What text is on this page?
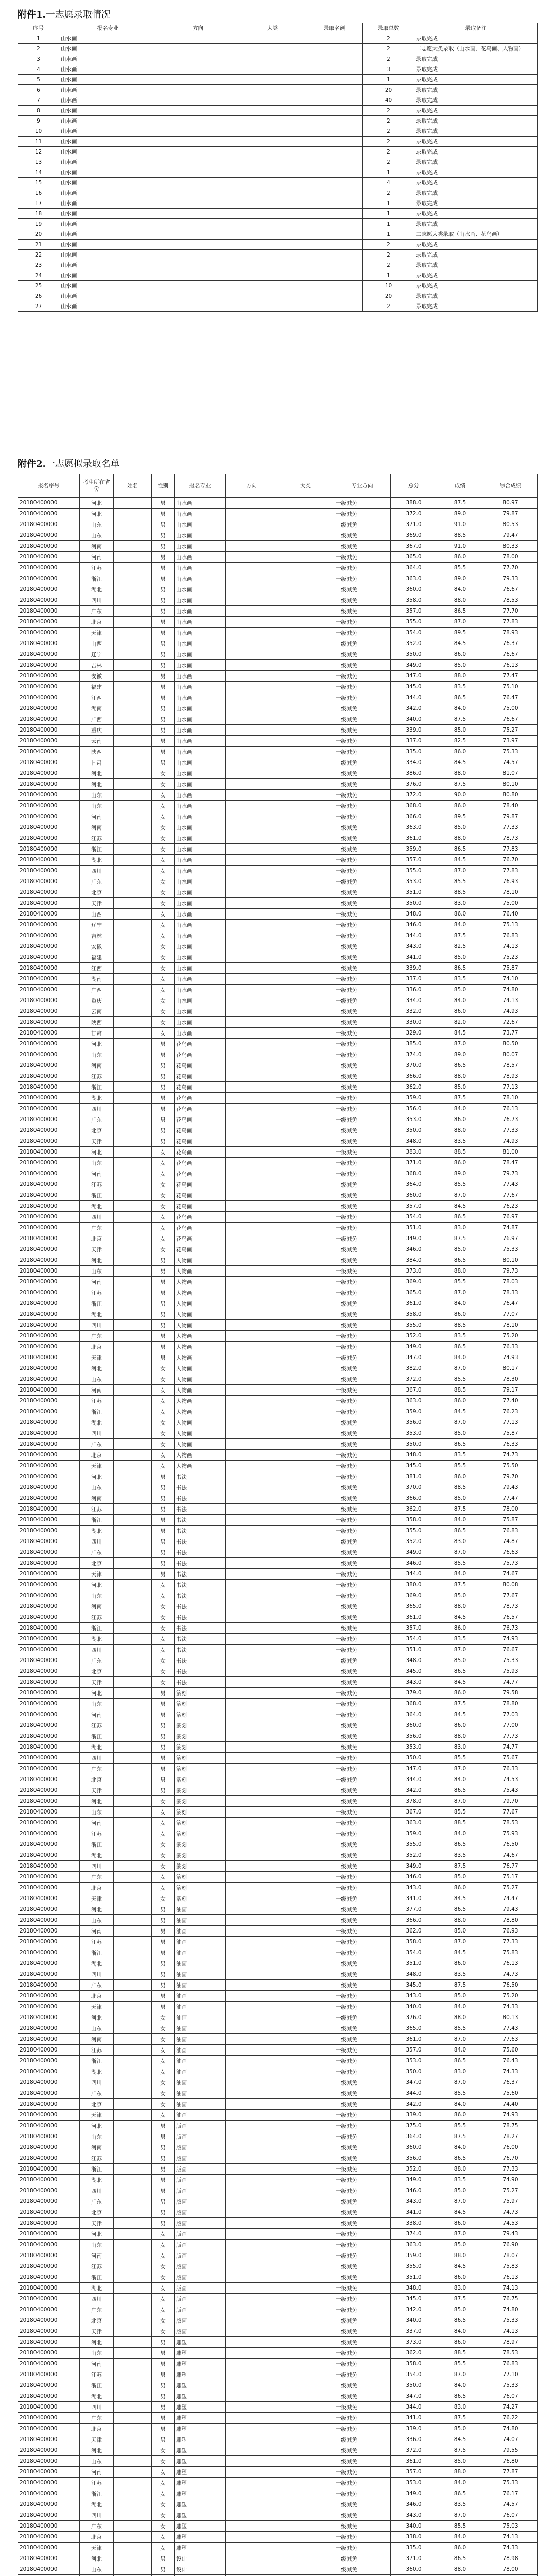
附件1.一志愿录取情况
序号	报名专业	方向	大类	录取名额	录取总数	录取备注
1	山水画				2	录取完成
2	山水画				2	二志愿大类录取（山水画、花鸟画、人物画）
3	山水画				2	录取完成
4	山水画				3	录取完成
5	山水画				1	录取完成
6	山水画				20	录取完成
7	山水画				40	录取完成
8	山水画				2	录取完成
9	山水画				2	录取完成
10	山水画				2	录取完成
11	山水画				2	录取完成
12	山水画				2	录取完成
13	山水画				2	录取完成
14	山水画				1	录取完成
15	山水画				4	录取完成
16	山水画				2	录取完成
17	山水画				1	录取完成
18	山水画				1	录取完成
19	山水画				1	录取完成
20	山水画				1	二志愿大类录取（山水画、花鸟画）
21	山水画				2	录取完成
22	山水画				2	录取完成
23	山水画				2	录取完成
24	山水画				1	录取完成
25	山水画				10	录取完成
26	山水画				20	录取完成
27	山水画				2	录取完成
附件2.一志愿拟录取名单
报名序号	考生所在省份	姓名	性别	报名专业	方向	大类	专业方向	总分	成绩	综合成绩
20180400000	河北		男	山水画			一级减免	388.0	87.5	80.97
20180400000	河北		男	山水画			一级减免	372.0	89.0	79.87
20180400000	山东		男	山水画			一级减免	371.0	91.0	80.53
20180400000	山东		男	山水画			一级减免	369.0	88.5	79.47
20180400000	河南		男	山水画			一级减免	367.0	91.0	80.33
20180400000	河南		男	山水画			一级减免	365.0	86.0	78.00
20180400000	江苏		男	山水画			一级减免	364.0	85.5	77.70
20180400000	浙江		男	山水画			一级减免	363.0	89.0	79.33
20180400000	湖北		男	山水画			一级减免	360.0	84.0	76.67
20180400000	四川		男	山水画			一级减免	358.0	88.0	78.53
20180400000	广东		男	山水画			一级减免	357.0	86.5	77.70
20180400000	北京		男	山水画			一级减免	355.0	87.0	77.83
20180400000	天津		男	山水画			一级减免	354.0	89.5	78.93
20180400000	山西		男	山水画			一级减免	352.0	84.5	76.37
20180400000	辽宁		男	山水画			一级减免	350.0	86.0	76.67
20180400000	吉林		男	山水画			一级减免	349.0	85.0	76.13
20180400000	安徽		男	山水画			一级减免	347.0	88.0	77.47
20180400000	福建		男	山水画			一级减免	345.0	83.5	75.10
20180400000	江西		男	山水画			一级减免	344.0	86.5	76.47
20180400000	湖南		男	山水画			一级减免	342.0	84.0	75.00
20180400000	广西		男	山水画			一级减免	340.0	87.5	76.67
20180400000	重庆		男	山水画			一级减免	339.0	85.0	75.27
20180400000	云南		男	山水画			一级减免	337.0	82.5	73.97
20180400000	陕西		男	山水画			一级减免	335.0	86.0	75.33
20180400000	甘肃		男	山水画			一级减免	334.0	84.5	74.57
20180400000	河北		女	山水画			一级减免	386.0	88.0	81.07
20180400000	河北		女	山水画			一级减免	376.0	87.5	80.10
20180400000	山东		女	山水画			一级减免	372.0	90.0	80.80
20180400000	山东		女	山水画			一级减免	368.0	86.0	78.40
20180400000	河南		女	山水画			一级减免	366.0	89.5	79.87
20180400000	河南		女	山水画			一级减免	363.0	85.0	77.33
20180400000	江苏		女	山水画			一级减免	361.0	88.0	78.73
20180400000	浙江		女	山水画			一级减免	359.0	86.5	77.83
20180400000	湖北		女	山水画			一级减免	357.0	84.5	76.70
20180400000	四川		女	山水画			一级减免	355.0	87.0	77.83
20180400000	广东		女	山水画			一级减免	353.0	85.5	76.93
20180400000	北京		女	山水画			一级减免	351.0	88.5	78.10
20180400000	天津		女	山水画			一级减免	350.0	83.0	75.00
20180400000	山西		女	山水画			一级减免	348.0	86.0	76.40
20180400000	辽宁		女	山水画			一级减免	346.0	84.0	75.13
20180400000	吉林		女	山水画			一级减免	344.0	87.5	76.83
20180400000	安徽		女	山水画			一级减免	343.0	82.5	74.13
20180400000	福建		女	山水画			一级减免	341.0	85.0	75.23
20180400000	江西		女	山水画			一级减免	339.0	86.5	75.87
20180400000	湖南		女	山水画			一级减免	337.0	83.5	74.10
20180400000	广西		女	山水画			一级减免	336.0	85.0	74.80
20180400000	重庆		女	山水画			一级减免	334.0	84.0	74.13
20180400000	云南		女	山水画			一级减免	332.0	86.0	74.93
20180400000	陕西		女	山水画			一级减免	330.0	82.0	72.67
20180400000	甘肃		女	山水画			一级减免	329.0	84.5	73.77
20180400000	河北		男	花鸟画			一级减免	385.0	87.0	80.50
20180400000	山东		男	花鸟画			一级减免	374.0	89.0	80.07
20180400000	河南		男	花鸟画			一级减免	370.0	86.5	78.57
20180400000	江苏		男	花鸟画			一级减免	366.0	88.0	78.93
20180400000	浙江		男	花鸟画			一级减免	362.0	85.0	77.13
20180400000	湖北		男	花鸟画			一级减免	359.0	87.5	78.10
20180400000	四川		男	花鸟画			一级减免	356.0	84.0	76.13
20180400000	广东		男	花鸟画			一级减免	353.0	86.0	76.73
20180400000	北京		男	花鸟画			一级减免	350.0	88.0	77.33
20180400000	天津		男	花鸟画			一级减免	348.0	83.5	74.93
20180400000	河北		女	花鸟画			一级减免	383.0	88.5	81.00
20180400000	山东		女	花鸟画			一级减免	371.0	86.0	78.47
20180400000	河南		女	花鸟画			一级减免	368.0	89.0	79.73
20180400000	江苏		女	花鸟画			一级减免	364.0	85.5	77.43
20180400000	浙江		女	花鸟画			一级减免	360.0	87.0	77.67
20180400000	湖北		女	花鸟画			一级减免	357.0	84.5	76.23
20180400000	四川		女	花鸟画			一级减免	354.0	86.5	76.97
20180400000	广东		女	花鸟画			一级减免	351.0	83.0	74.87
20180400000	北京		女	花鸟画			一级减免	349.0	87.5	76.97
20180400000	天津		女	花鸟画			一级减免	346.0	85.0	75.33
20180400000	河北		男	人物画			一级减免	384.0	86.5	80.10
20180400000	山东		男	人物画			一级减免	373.0	88.0	79.73
20180400000	河南		男	人物画			一级减免	369.0	85.5	78.03
20180400000	江苏		男	人物画			一级减免	365.0	87.0	78.33
20180400000	浙江		男	人物画			一级减免	361.0	84.0	76.47
20180400000	湖北		男	人物画			一级减免	358.0	86.0	77.07
20180400000	四川		男	人物画			一级减免	355.0	88.5	78.10
20180400000	广东		男	人物画			一级减免	352.0	83.5	75.20
20180400000	北京		男	人物画			一级减免	349.0	86.5	76.33
20180400000	天津		男	人物画			一级减免	347.0	84.0	74.93
20180400000	河北		女	人物画			一级减免	382.0	87.0	80.17
20180400000	山东		女	人物画			一级减免	372.0	85.5	78.30
20180400000	河南		女	人物画			一级减免	367.0	88.5	79.17
20180400000	江苏		女	人物画			一级减免	363.0	86.0	77.40
20180400000	浙江		女	人物画			一级减免	359.0	84.5	76.23
20180400000	湖北		女	人物画			一级减免	356.0	87.0	77.13
20180400000	四川		女	人物画			一级减免	353.0	85.0	75.87
20180400000	广东		女	人物画			一级减免	350.0	86.5	76.33
20180400000	北京		女	人物画			一级减免	348.0	83.5	74.73
20180400000	天津		女	人物画			一级减免	345.0	85.5	75.50
20180400000	河北		男	书法			一级减免	381.0	86.0	79.70
20180400000	山东		男	书法			一级减免	370.0	88.5	79.43
20180400000	河南		男	书法			一级减免	366.0	85.0	77.47
20180400000	江苏		男	书法			一级减免	362.0	87.5	78.00
20180400000	浙江		男	书法			一级减免	358.0	84.0	75.87
20180400000	湖北		男	书法			一级减免	355.0	86.5	76.83
20180400000	四川		男	书法			一级减免	352.0	83.0	74.87
20180400000	广东		男	书法			一级减免	349.0	87.0	76.63
20180400000	北京		男	书法			一级减免	346.0	85.5	75.73
20180400000	天津		男	书法			一级减免	344.0	84.0	74.67
20180400000	河北		女	书法			一级减免	380.0	87.5	80.08
20180400000	山东		女	书法			一级减免	369.0	85.0	77.67
20180400000	河南		女	书法			一级减免	365.0	88.0	78.73
20180400000	江苏		女	书法			一级减免	361.0	84.5	76.57
20180400000	浙江		女	书法			一级减免	357.0	86.0	76.73
20180400000	湖北		女	书法			一级减免	354.0	83.5	74.93
20180400000	四川		女	书法			一级减免	351.0	87.0	76.67
20180400000	广东		女	书法			一级减免	348.0	85.0	75.33
20180400000	北京		女	书法			一级减免	345.0	86.5	75.93
20180400000	天津		女	书法			一级减免	343.0	84.5	74.77
20180400000	河北		男	篆刻			一级减免	379.0	86.0	79.58
20180400000	山东		男	篆刻			一级减免	368.0	87.5	78.80
20180400000	河南		男	篆刻			一级减免	364.0	84.5	77.03
20180400000	江苏		男	篆刻			一级减免	360.0	86.0	77.00
20180400000	浙江		男	篆刻			一级减免	356.0	88.0	77.73
20180400000	湖北		男	篆刻			一级减免	353.0	83.0	74.77
20180400000	四川		男	篆刻			一级减免	350.0	85.5	75.67
20180400000	广东		男	篆刻			一级减免	347.0	87.0	76.33
20180400000	北京		男	篆刻			一级减免	344.0	84.0	74.53
20180400000	天津		男	篆刻			一级减免	342.0	86.5	75.43
20180400000	河北		女	篆刻			一级减免	378.0	87.0	79.70
20180400000	山东		女	篆刻			一级减免	367.0	85.5	77.67
20180400000	河南		女	篆刻			一级减免	363.0	88.5	78.53
20180400000	江苏		女	篆刻			一级减免	359.0	84.0	75.93
20180400000	浙江		女	篆刻			一级减免	355.0	86.5	76.50
20180400000	湖北		女	篆刻			一级减免	352.0	83.5	74.67
20180400000	四川		女	篆刻			一级减免	349.0	87.5	76.77
20180400000	广东		女	篆刻			一级减免	346.0	85.0	75.17
20180400000	北京		女	篆刻			一级减免	343.0	86.0	75.27
20180400000	天津		女	篆刻			一级减免	341.0	84.5	74.47
20180400000	河北		男	油画			一级减免	377.0	86.5	79.43
20180400000	山东		男	油画			一级减免	366.0	88.0	78.80
20180400000	河南		男	油画			一级减免	362.0	85.0	76.93
20180400000	江苏		男	油画			一级减免	358.0	87.0	77.33
20180400000	浙江		男	油画			一级减免	354.0	84.5	75.83
20180400000	湖北		男	油画			一级减免	351.0	86.0	76.13
20180400000	四川		男	油画			一级减免	348.0	83.5	74.73
20180400000	广东		男	油画			一级减免	345.0	87.5	76.50
20180400000	北京		男	油画			一级减免	343.0	85.0	75.20
20180400000	天津		男	油画			一级减免	340.0	84.0	74.33
20180400000	河北		女	油画			一级减免	376.0	88.0	80.13
20180400000	山东		女	油画			一级减免	365.0	85.5	77.43
20180400000	河南		女	油画			一级减免	361.0	87.0	77.63
20180400000	江苏		女	油画			一级减免	357.0	84.0	75.60
20180400000	浙江		女	油画			一级减免	353.0	86.5	76.43
20180400000	湖北		女	油画			一级减免	350.0	83.0	74.33
20180400000	四川		女	油画			一级减免	347.0	87.0	76.37
20180400000	广东		女	油画			一级减免	344.0	85.5	75.60
20180400000	北京		女	油画			一级减免	342.0	84.0	74.40
20180400000	天津		女	油画			一级减免	339.0	86.0	74.93
20180400000	河北		男	版画			一级减免	375.0	85.5	78.75
20180400000	山东		男	版画			一级减免	364.0	87.5	78.27
20180400000	河南		男	版画			一级减免	360.0	84.0	76.00
20180400000	江苏		男	版画			一级减免	356.0	86.5	76.70
20180400000	浙江		男	版画			一级减免	352.0	88.0	77.33
20180400000	湖北		男	版画			一级减免	349.0	83.5	74.90
20180400000	四川		男	版画			一级减免	346.0	85.0	75.27
20180400000	广东		男	版画			一级减免	343.0	87.0	75.97
20180400000	北京		男	版画			一级减免	341.0	84.5	74.73
20180400000	天津		男	版画			一级减免	338.0	86.0	74.53
20180400000	河北		女	版画			一级减免	374.0	87.0	79.43
20180400000	山东		女	版画			一级减免	363.0	85.0	76.90
20180400000	河南		女	版画			一级减免	359.0	88.0	78.07
20180400000	江苏		女	版画			一级减免	355.0	84.5	75.83
20180400000	浙江		女	版画			一级减免	351.0	86.0	76.13
20180400000	湖北		女	版画			一级减免	348.0	83.0	74.13
20180400000	四川		女	版画			一级减免	345.0	87.5	76.75
20180400000	广东		女	版画			一级减免	342.0	85.0	74.80
20180400000	北京		女	版画			一级减免	340.0	86.5	75.33
20180400000	天津		女	版画			一级减免	337.0	84.0	74.13
20180400000	河北		男	雕塑			一级减免	373.0	86.0	78.97
20180400000	山东		男	雕塑			一级减免	362.0	88.5	78.53
20180400000	河南		男	雕塑			一级减免	358.0	85.5	76.83
20180400000	江苏		男	雕塑			一级减免	354.0	87.0	77.10
20180400000	浙江		男	雕塑			一级减免	350.0	84.0	75.33
20180400000	湖北		男	雕塑			一级减免	347.0	86.5	76.07
20180400000	四川		男	雕塑			一级减免	344.0	83.0	74.27
20180400000	广东		男	雕塑			一级减免	341.0	87.5	76.22
20180400000	北京		男	雕塑			一级减免	339.0	85.0	74.80
20180400000	天津		男	雕塑			一级减免	336.0	84.5	74.07
20180400000	河北		女	雕塑			一级减免	372.0	87.5	79.55
20180400000	山东		女	雕塑			一级减免	361.0	85.0	76.80
20180400000	河南		女	雕塑			一级减免	357.0	88.0	77.87
20180400000	江苏		女	雕塑			一级减免	353.0	84.0	75.33
20180400000	浙江		女	雕塑			一级减免	349.0	86.5	76.17
20180400000	湖北		女	雕塑			一级减免	346.0	83.5	74.57
20180400000	四川		女	雕塑			一级减免	343.0	87.0	76.07
20180400000	广东		女	雕塑			一级减免	340.0	85.5	75.03
20180400000	北京		女	雕塑			一级减免	338.0	84.0	74.13
20180400000	天津		女	雕塑			一级减免	335.0	86.0	74.33
20180400000	河北		男	设计			一级减免	371.0	86.5	78.98
20180400000	山东		男	设计			一级减免	360.0	88.0	78.00
